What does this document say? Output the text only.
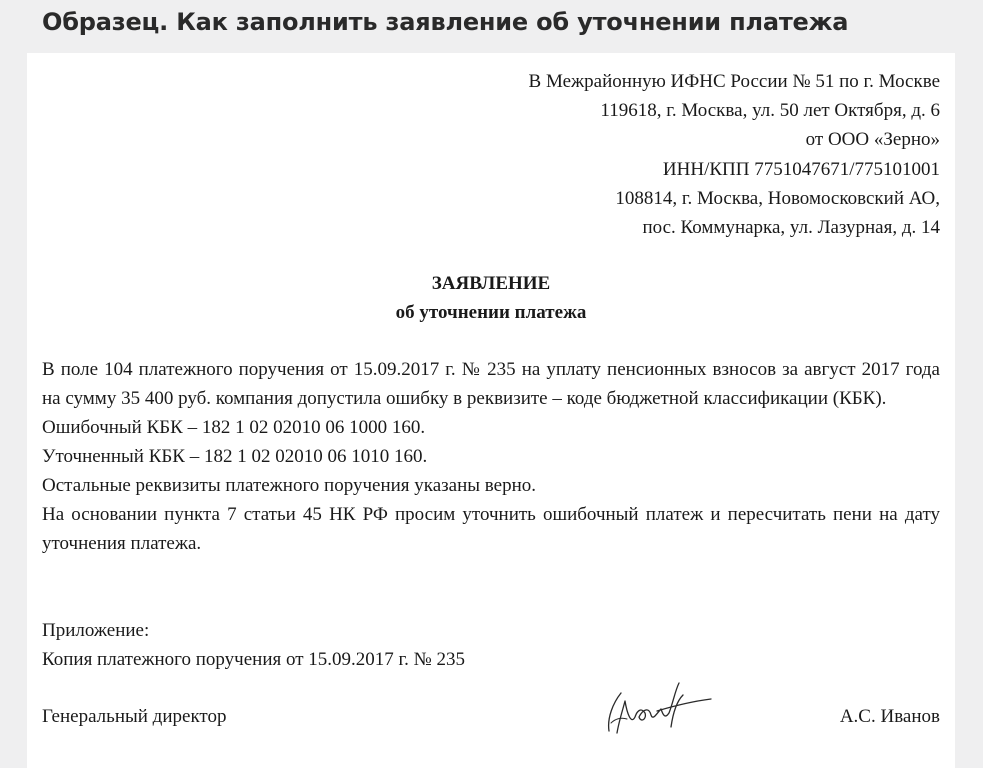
Образец. Как заполнить заявление об уточнении платежа
В Межрайонную ИФНС России № 51 по г. Москве
119618, г. Москва, ул. 50 лет Октября, д. 6
от ООО «Зерно»
ИНН/КПП 7751047671/775101001
108814, г. Москва, Новомосковский АО,
пос. Коммунарка, ул. Лазурная, д. 14
ЗАЯВЛЕНИЕ
об уточнении платежа

В поле 104 платежного поручения от 15.09.2017 г. № 235 на уплату пенсионных взносов за август 2017 года на сумму 35 400 руб. компания допустила ошибку в реквизите – коде бюджетной классификации (КБК).

Ошибочный КБК – 182 1 02 02010 06 1000 160.

Уточненный КБК – 182 1 02 02010 06 1010 160.

Остальные реквизиты платежного поручения указаны верно.

На основании пункта 7 статьи 45 НК РФ просим уточнить ошибочный платеж и пересчитать пени на дату уточнения платежа.

Приложение:
Копия платежного поручения от 15.09.2017 г. № 235
Генеральный директор	А.С. Иванов
